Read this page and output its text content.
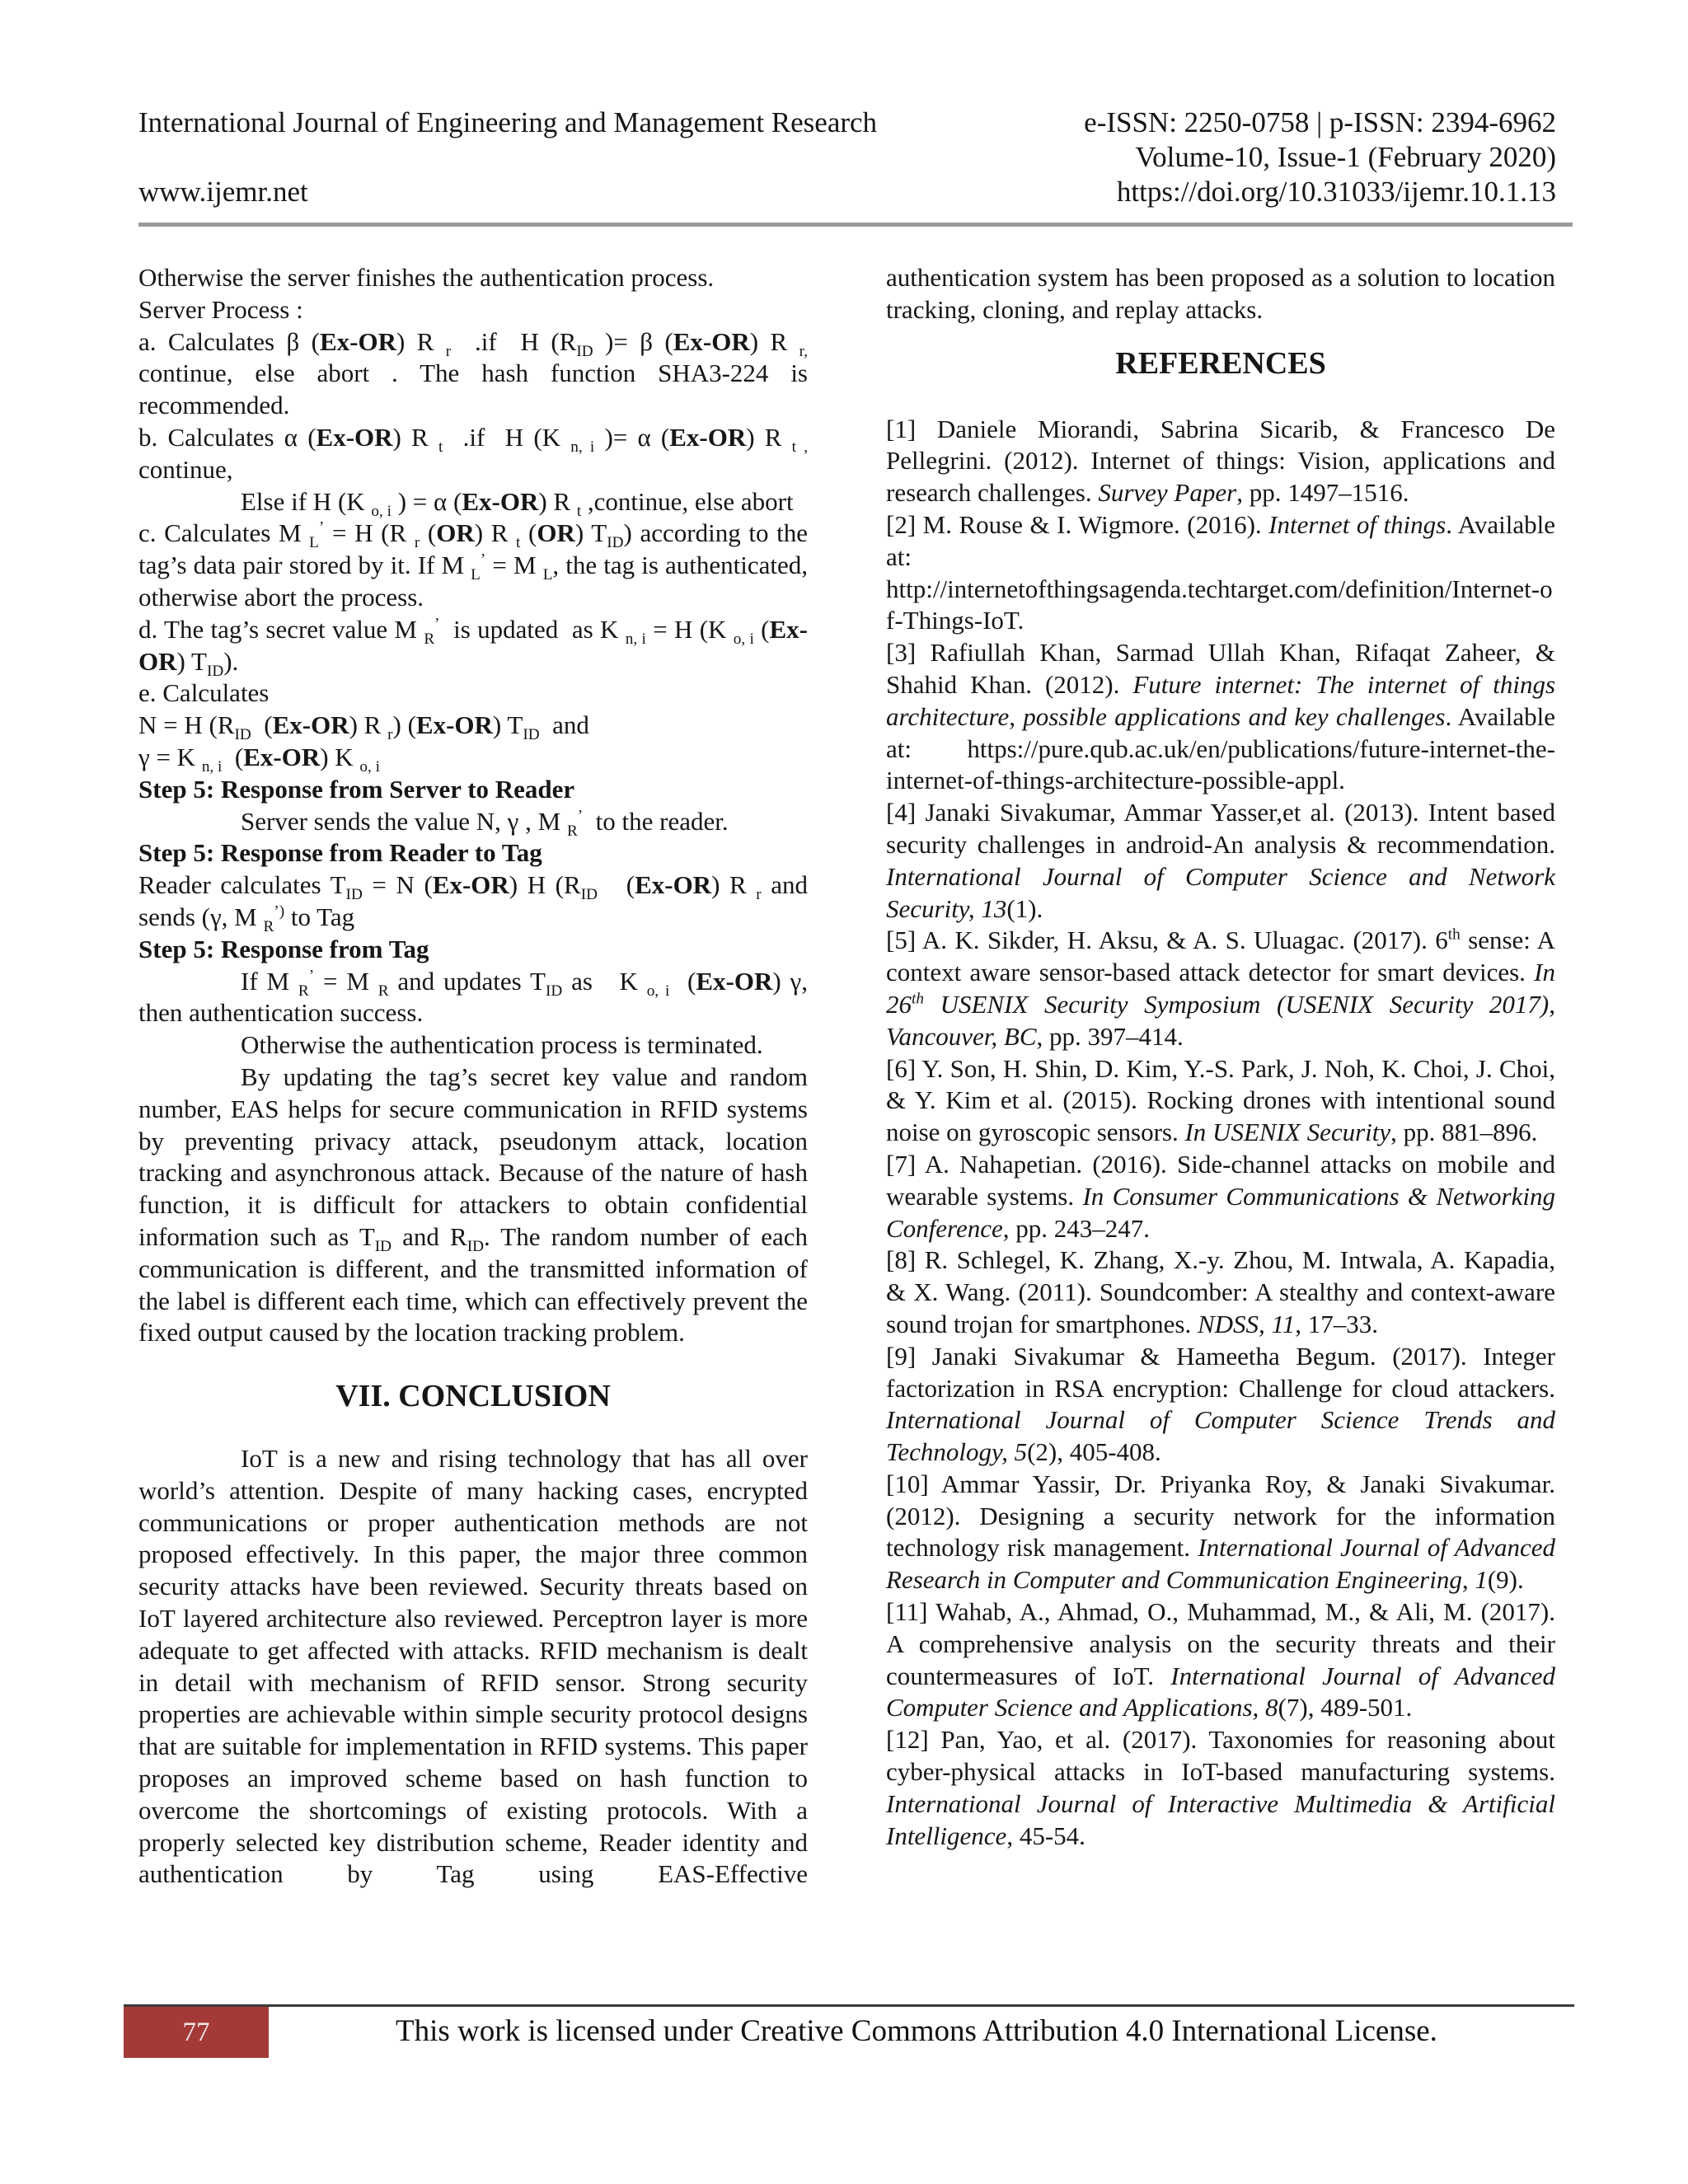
International Journal of Engineering and Management Research	e-ISSN: 2250-0758 | p-ISSN: 2394-6962
Volume-10, Issue-1 (February 2020)
www.ijemr.net	https://doi.org/10.31033/ijemr.10.1.13

Otherwise the server finishes the authentication process.

Server Process :

a. Calculates β (Ex-OR) R $_r$  .if  H ($R_{ID}$ )= β (Ex-OR) R $_{r,}$ continue, else abort . The hash function SHA3-224 is recommended.

b. Calculates α (Ex-OR) R $_t$  .if  H (K $_{n, i}$ )= α (Ex-OR) R $_{t ,}$ continue,

Else if H (K $_{o, i}$ ) = α (Ex-OR) R $_t$ ,continue, else abort

c. Calculates M $_L$’ = H (R $_r$ (OR) R $_t$ (OR) $T_{ID}$) according to the tag’s data pair stored by it. If M $_L$’ = M $_L$, the tag is authenticated, otherwise abort the process.

d. The tag’s secret value M $_R$’  is updated  as K $_{n, i}$ = H (K $_{o, i}$ (Ex-OR) $T_{ID}$).

e. Calculates

N = H ($R_{ID}$  (Ex-OR) R $_r$) (Ex-OR) $T_{ID}$  and

γ = K $_{n, i}$  (Ex-OR) K $_{o, i}$

Step 5: Response from Server to Reader

Server sends the value N, γ , M $_R$’  to the reader.

Step 5: Response from Reader to Tag

Reader calculates $T_{ID} = N$ (Ex-OR) H ($R_{ID}$   (Ex-OR) R $_r$ and sends (γ, M $_R$’) to Tag

Step 5: Response from Tag

If M $_R$’ = M $_R$ and updates $T_{ID}$ as   K $_{o, i}$  (Ex-OR) γ, then authentication success.

Otherwise the authentication process is terminated.

By updating the tag’s secret key value and random number, EAS helps for secure communication in RFID systems by preventing privacy attack, pseudonym attack, location tracking and asynchronous attack. Because of the nature of hash function, it is difficult for attackers to obtain confidential information such as $T_{ID}$ and $R_{ID}$. The random number of each communication is different, and the transmitted information of the label is different each time, which can effectively prevent the fixed output caused by the location tracking problem.

VII. CONCLUSION

IoT is a new and rising technology that has all over world’s attention. Despite of many hacking cases, encrypted communications or proper authentication methods are not proposed effectively. In this paper, the major three common security attacks have been reviewed. Security threats based on IoT layered architecture also reviewed. Perceptron layer is more adequate to get affected with attacks. RFID mechanism is dealt in detail with mechanism of RFID sensor. Strong security properties are achievable within simple security protocol designs that are suitable for implementation in RFID systems. This paper proposes an improved scheme based on hash function to overcome the shortcomings of existing protocols. With a properly selected key distribution scheme, Reader identity and authentication by Tag using EAS-Effective

authentication system has been proposed as a solution to location tracking, cloning, and replay attacks.

REFERENCES

[1] Daniele Miorandi, Sabrina Sicarib, & Francesco De Pellegrini. (2012). Internet of things: Vision, applications and research challenges. Survey Paper, pp. 1497–1516.

[2] M. Rouse & I. Wigmore. (2016). Internet of things. Available at:
http://internetofthingsagenda.techtarget.com/definition/Internet-of-Things-IoT.

[3] Rafiullah Khan, Sarmad Ullah Khan, Rifaqat Zaheer, & Shahid Khan. (2012). Future internet: The internet of things architecture, possible applications and key challenges. Available at: https://pure.qub.ac.uk/en/publications/future-internet-the-internet-of-things-architecture-possible-appl.

[4] Janaki Sivakumar, Ammar Yasser,et al. (2013). Intent based security challenges in android-An analysis & recommendation. International Journal of Computer Science and Network Security, 13(1).

[5] A. K. Sikder, H. Aksu, & A. S. Uluagac. (2017). 6th sense: A context aware sensor-based attack detector for smart devices. In 26th USENIX Security Symposium (USENIX Security 2017), Vancouver, BC, pp. 397–414.

[6] Y. Son, H. Shin, D. Kim, Y.-S. Park, J. Noh, K. Choi, J. Choi, & Y. Kim et al. (2015). Rocking drones with intentional sound noise on gyroscopic sensors. In USENIX Security, pp. 881–896.

[7] A. Nahapetian. (2016). Side-channel attacks on mobile and wearable systems. In Consumer Communications & Networking Conference, pp. 243–247.

[8] R. Schlegel, K. Zhang, X.-y. Zhou, M. Intwala, A. Kapadia, & X. Wang. (2011). Soundcomber: A stealthy and context-aware sound trojan for smartphones. NDSS, 11, 17–33.

[9] Janaki Sivakumar & Hameetha Begum. (2017). Integer factorization in RSA encryption: Challenge for cloud attackers. International Journal of Computer Science Trends and Technology, 5(2), 405-408.

[10] Ammar Yassir, Dr. Priyanka Roy, & Janaki Sivakumar. (2012). Designing a security network for the information technology risk management. International Journal of Advanced Research in Computer and Communication Engineering, 1(9).

[11] Wahab, A., Ahmad, O., Muhammad, M., & Ali, M. (2017). A comprehensive analysis on the security threats and their countermeasures of IoT. International Journal of Advanced Computer Science and Applications, 8(7), 489-501.

[12] Pan, Yao, et al. (2017). Taxonomies for reasoning about cyber-physical attacks in IoT-based manufacturing systems. International Journal of Interactive Multimedia & Artificial Intelligence, 45-54.

77	This work is licensed under Creative Commons Attribution 4.0 International License.
